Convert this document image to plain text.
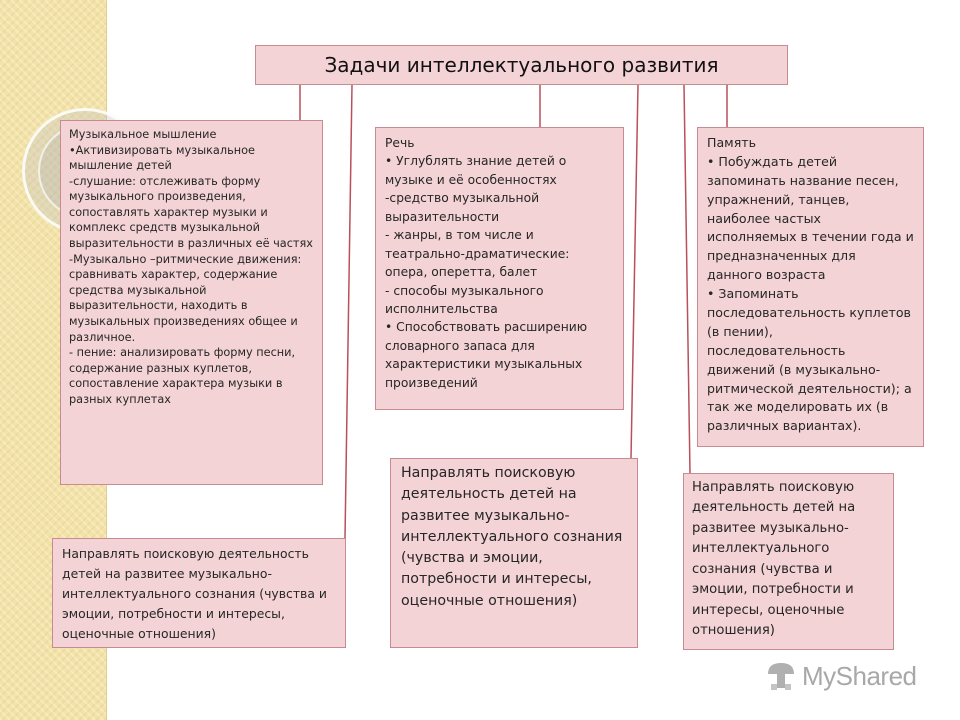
Задачи интеллектуального развития

Музыкальное мышление

•Активизировать музыкальное мышление детей

-слушание: отслеживать форму музыкального произведения, сопоставлять характер музыки и комплекс средств музыкальной выразительности в различных её частях

-Музыкально –ритмические движения: сравнивать характер, содержание средства музыкальной выразительности, находить в музыкальных произведениях общее и различное.

- пение: анализировать форму песни, содержание разных куплетов, сопоставление характера музыки в разных куплетах

Речь

• Углублять знание детей о музыке и её особенностях

-средство музыкальной выразительности

- жанры, в том числе и театрально-драматические: опера, оперетта, балет

- способы музыкального исполнительства

• Способствовать расширению словарного запаса для характеристики музыкальных произведений

Память

• Побуждать детей запоминать название песен, упражнений, танцев, наиболее частых исполняемых в течении года и предназначенных для данного возраста

• Запоминать последовательность куплетов (в пении), последовательность движений (в музыкально-ритмической деятельности); а так же моделировать их (в различных вариантах).

Направлять поисковую деятельность детей на развитее музыкально-интеллектуального сознания (чувства и эмоции, потребности и интересы, оценочные отношения)
Направлять поисковую деятельность детей на развитее музыкально-интеллектуального сознания (чувства и эмоции, потребности и интересы, оценочные отношения)
Направлять поисковую деятельность детей на развитее музыкально-интеллектуального сознания (чувства и эмоции, потребности и интересы, оценочные отношения)
MyShared
